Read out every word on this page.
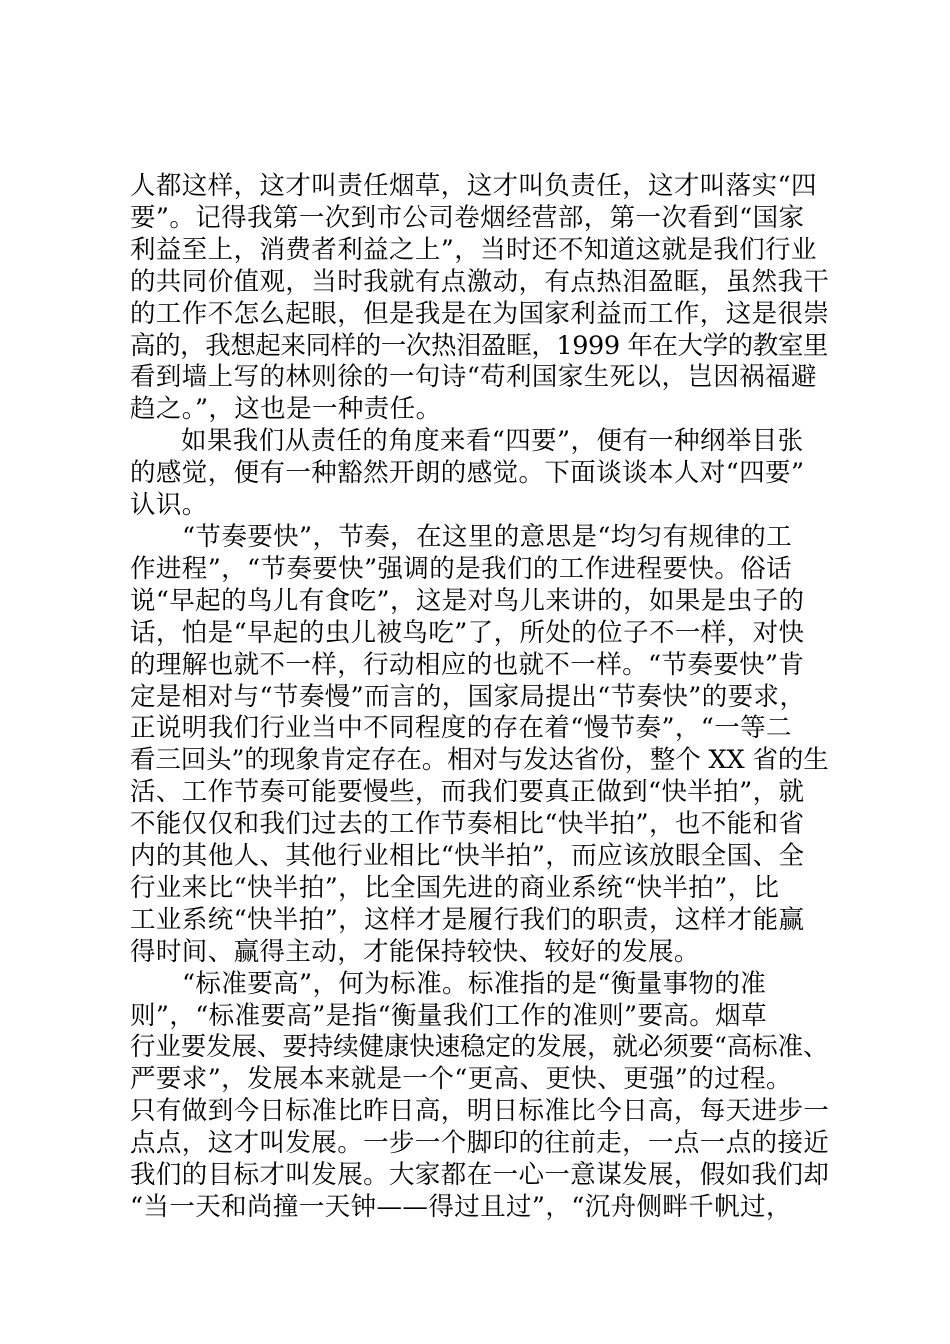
人都这样，这才叫责任烟草，这才叫负责任，这才叫落实“四
要”。记得我第一次到市公司卷烟经营部，第一次看到“国家
利益至上，消费者利益之上”，当时还不知道这就是我们行业
的共同价值观，当时我就有点激动，有点热泪盈眶，虽然我干
的工作不怎么起眼，但是我是在为国家利益而工作，这是很崇
高的，我想起来同样的一次热泪盈眶，1999 年在大学的教室里
看到墙上写的林则徐的一句诗“苟利国家生死以，岂因祸福避
趋之。”，这也是一种责任。

如果我们从责任的角度来看“四要”，便有一种纲举目张
的感觉，便有一种豁然开朗的感觉。下面谈谈本人对“四要”
认识。

“节奏要快”，节奏，在这里的意思是“均匀有规律的工
作进程”，“节奏要快”强调的是我们的工作进程要快。俗话
说“早起的鸟儿有食吃”，这是对鸟儿来讲的，如果是虫子的
话，怕是“早起的虫儿被鸟吃”了，所处的位子不一样，对快
的理解也就不一样，行动相应的也就不一样。“节奏要快”肯
定是相对与“节奏慢”而言的，国家局提出“节奏快”的要求，
正说明我们行业当中不同程度的存在着“慢节奏”，“一等二
看三回头”的现象肯定存在。相对与发达省份，整个 XX 省的生
活、工作节奏可能要慢些，而我们要真正做到“快半拍”，就
不能仅仅和我们过去的工作节奏相比“快半拍”，也不能和省
内的其他人、其他行业相比“快半拍”，而应该放眼全国、全
行业来比“快半拍”，比全国先进的商业系统“快半拍”，比
工业系统“快半拍”，这样才是履行我们的职责，这样才能赢
得时间、赢得主动，才能保持较快、较好的发展。

“标准要高”，何为标准。标准指的是“衡量事物的准
则”，“标准要高”是指“衡量我们工作的准则”要高。烟草
行业要发展、要持续健康快速稳定的发展，就必须要“高标准、
严要求”，发展本来就是一个“更高、更快、更强”的过程。
只有做到今日标准比昨日高，明日标准比今日高，每天进步一
点点，这才叫发展。一步一个脚印的往前走，一点一点的接近
我们的目标才叫发展。大家都在一心一意谋发展，假如我们却
“当一天和尚撞一天钟——得过且过”，“沉舟侧畔千帆过，
